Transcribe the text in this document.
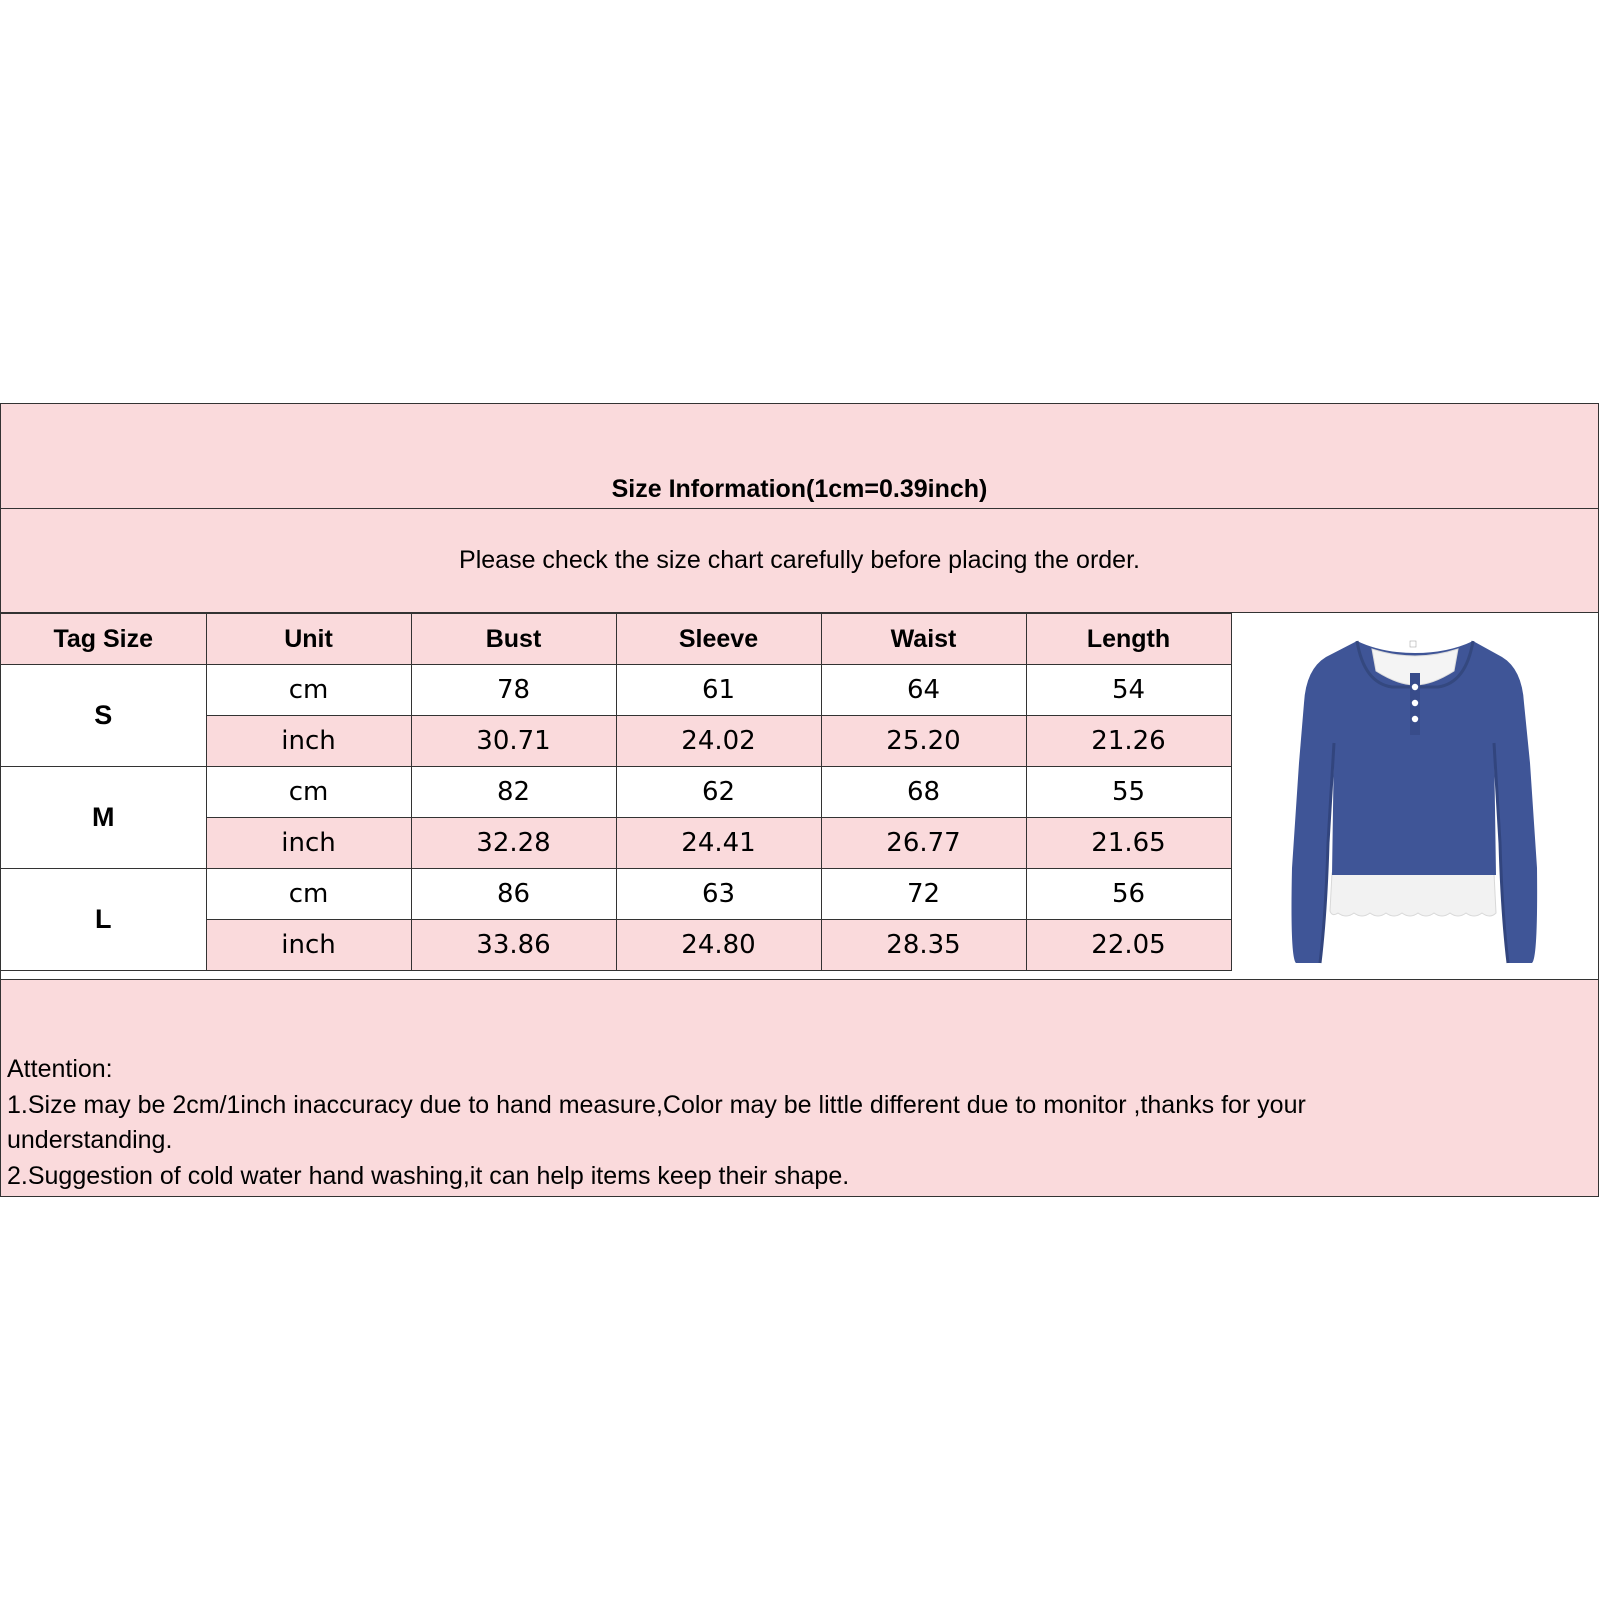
Size Information(1cm=0.39inch)
Please check the size chart carefully before placing the order.
Tag Size	Unit	Bust	Sleeve	Waist	Length
S	cm	78	61	64	54
	inch	30.71	24.02	25.20	21.26
M	cm	82	62	68	55
	inch	32.28	24.41	26.77	21.65
L	cm	86	63	72	56
	inch	33.86	24.80	28.35	22.05
Attention:
1.Size may be 2cm/1inch inaccuracy due to hand measure,Color may be little different due to monitor ,thanks for your understanding.
2.Suggestion of cold water hand washing,it can help items keep their shape.
